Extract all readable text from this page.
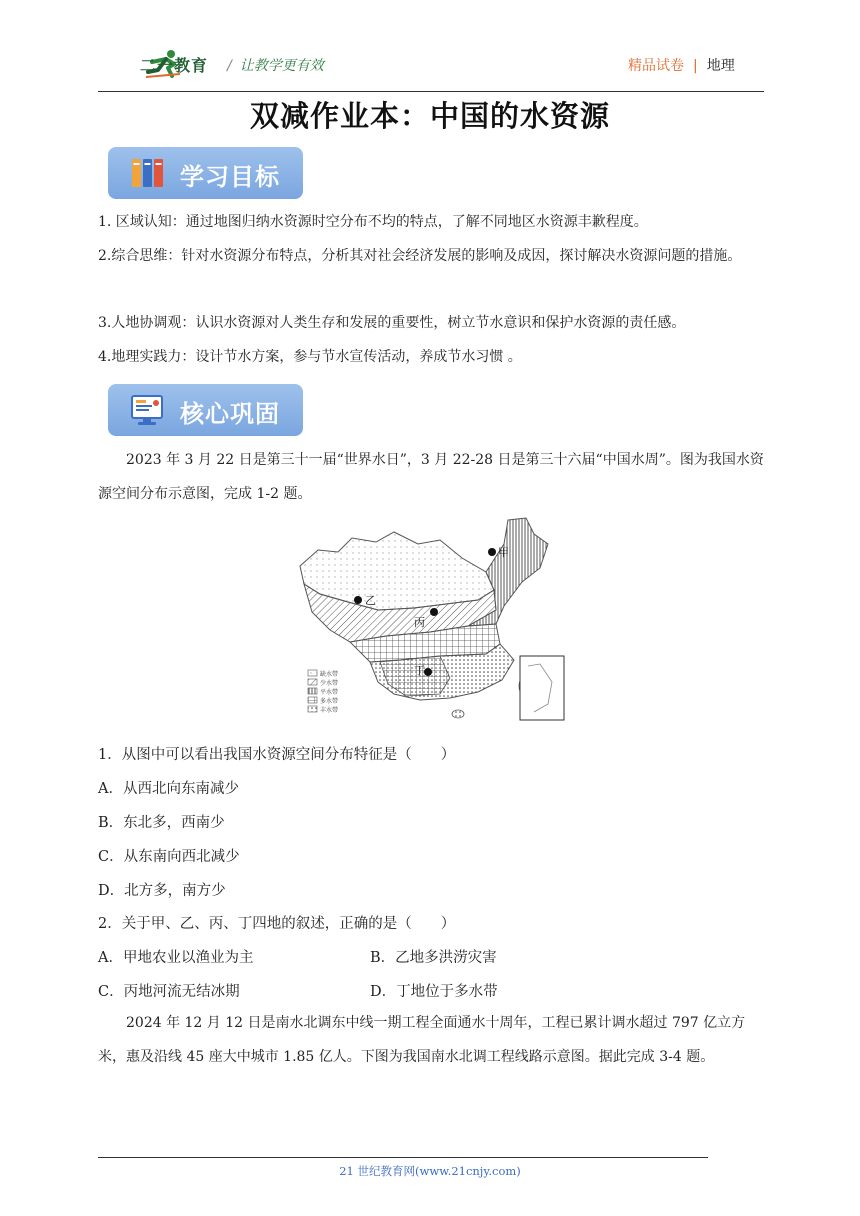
二一教育 / 让教学更有效	精品试卷 | 地理
双减作业本：中国的水资源
学习目标
1. 区域认知：通过地图归纳水资源时空分布不均的特点，了解不同地区水资源丰歉程度。
2.综合思维：针对水资源分布特点，分析其对社会经济发展的影响及成因，探讨解决水资源问题的措施。
3.人地协调观：认识水资源对人类生存和发展的重要性，树立节水意识和保护水资源的责任感。
4.地理实践力：设计节水方案，参与节水宣传活动，养成节水习惯 。
核心巩固
2023 年 3 月 22 日是第三十一届“世界水日”，3 月 22-28 日是第三十六届“中国水周”。图为我国水资源空间分布示意图，完成 1-2 题。
甲
乙
丙
丁
缺水带
少水带
平水带
多水带
丰水带
1．从图中可以看出我国水资源空间分布特征是（　　）
A．从西北向东南减少
B．东北多，西南少
C．从东南向西北减少
D．北方多，南方少
2．关于甲、乙、丙、丁四地的叙述，正确的是（　　）
A．甲地农业以渔业为主	B．乙地多洪涝灾害
C．丙地河流无结冰期	D．丁地位于多水带
2024 年 12 月 12 日是南水北调东中线一期工程全面通水十周年，工程已累计调水超过 797 亿立方米，惠及沿线 45 座大中城市 1.85 亿人。下图为我国南水北调工程线路示意图。据此完成 3-4 题。
21 世纪教育网(www.21cnjy.com)
